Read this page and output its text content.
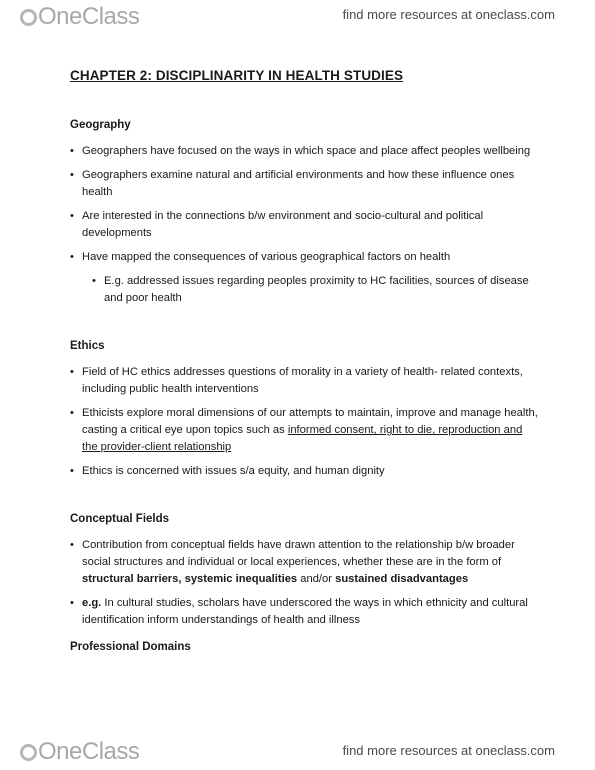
OneClass	find more resources at oneclass.com
CHAPTER 2: DISCIPLINARITY IN HEALTH STUDIES
Geography
• Geographers have focused on the ways in which space and place affect peoples wellbeing
• Geographers examine natural and artificial environments and how these influence ones health
• Are interested in the connections b/w environment and socio-cultural and political developments
• Have mapped the consequences of various geographical factors on health
• E.g. addressed issues regarding peoples proximity to HC facilities, sources of disease and poor health
Ethics
• Field of HC ethics addresses questions of morality in a variety of health- related contexts, including public health interventions
• Ethicists explore moral dimensions of our attempts to maintain, improve and manage health, casting a critical eye upon topics such as informed consent, right to die, reproduction and the provider-client relationship
• Ethics is concerned with issues s/a equity, and human dignity
Conceptual Fields
• Contribution from conceptual fields have drawn attention to the relationship b/w broader social structures and individual or local experiences, whether these are in the form of structural barriers, systemic inequalities and/or sustained disadvantages
• e.g. In cultural studies, scholars have underscored the ways in which ethnicity and cultural identification inform understandings of health and illness
Professional Domains
OneClass	find more resources at oneclass.com
